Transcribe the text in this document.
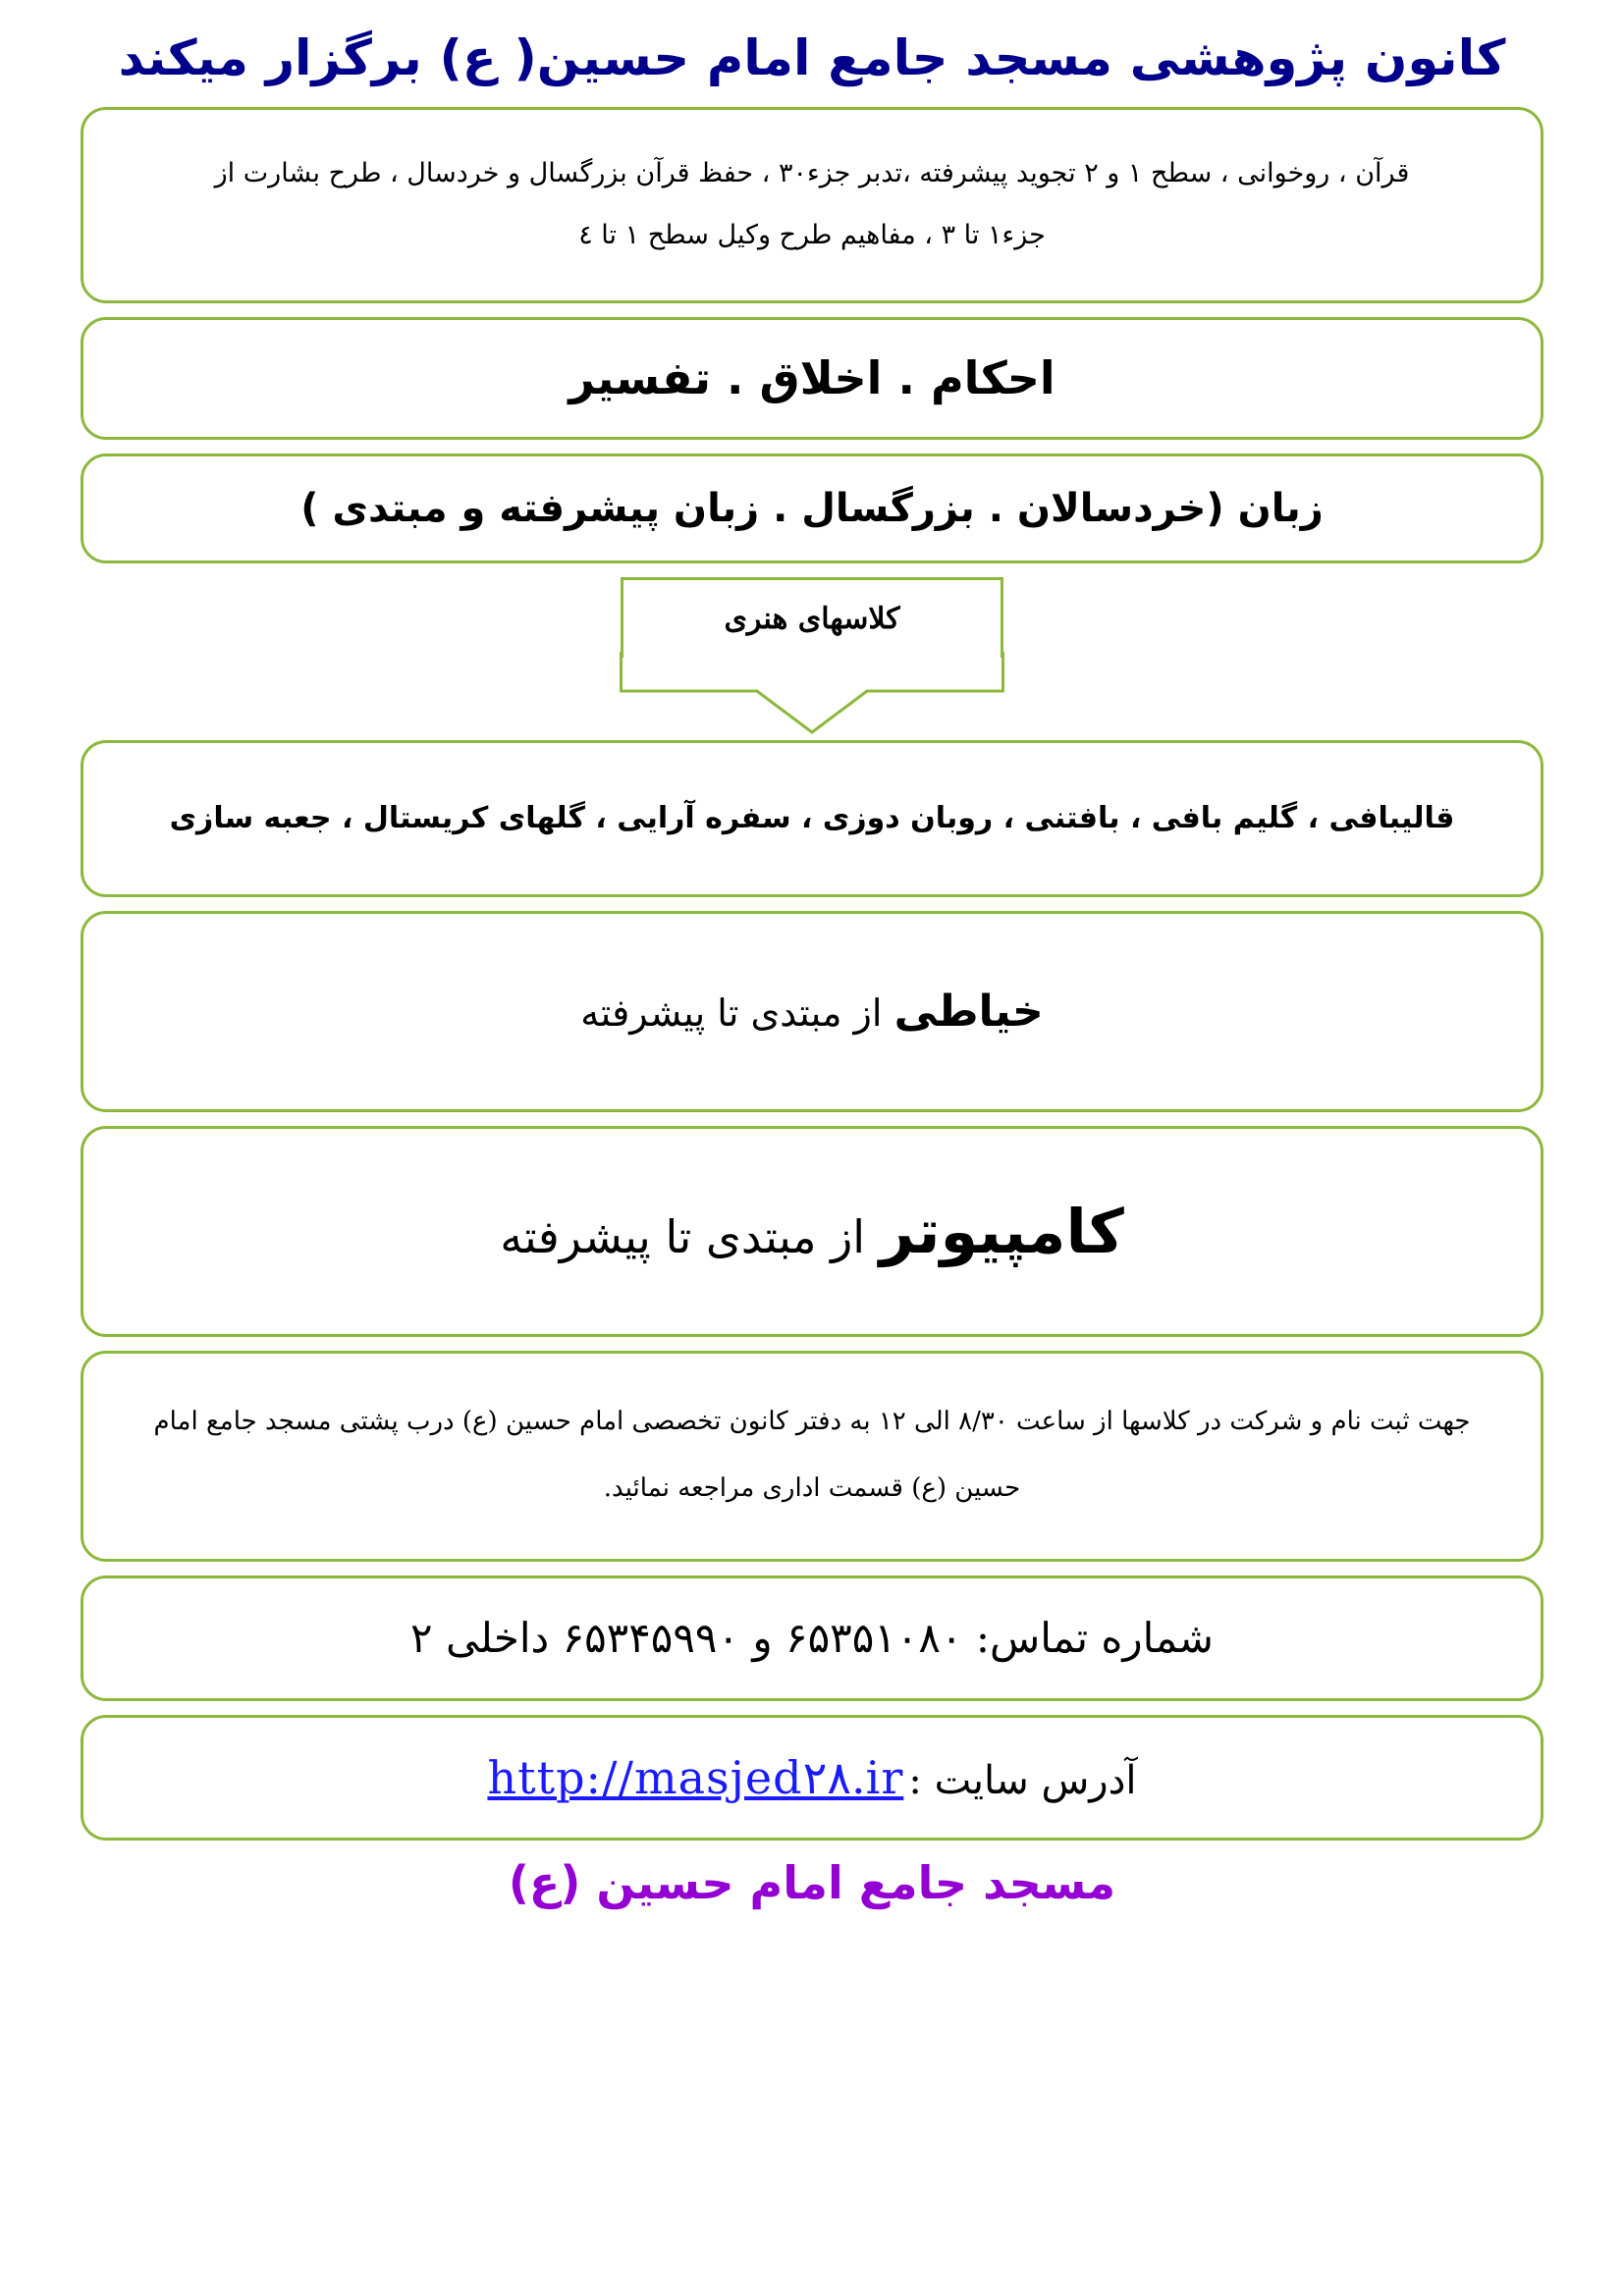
کانون پژوهشی مسجد جامع امام حسین( ع) برگزار میکند
قرآن ، روخوانی ، سطح ۱ و ۲ تجوید پیشرفته ،تدبر جزء۳۰ ، حفظ قرآن بزرگسال و خردسال ، طرح بشارت از
جزء۱ تا ۳ ، مفاهیم طرح وکیل سطح ۱ تا ٤
احکام . اخلاق . تفسیر
زبان (خردسالان . بزرگسال . زبان پیشرفته و مبتدی )
کلاسهای هنری
قالیبافی ، گلیم بافی ، بافتنی ، روبان دوزی ، سفره آرایی ، گلهای کریستال ، جعبه سازی
خیاطی از مبتدی تا پیشرفته
کامپیوتر از مبتدی تا پیشرفته
جهت ثبت نام و شرکت در کلاسها از ساعت ۸/۳۰ الی ۱۲ به دفتر کانون تخصصی امام حسین (ع) درب پشتی مسجد جامع امام
حسین (ع) قسمت اداری مراجعه نمائید.
شماره تماس: ۶۵۳۵۱۰۸۰ و ۶۵۳۴۵۹۹۰ داخلی ۲
آدرس سایت : http://masjed۲۸.ir
مسجد جامع امام حسین (ع)
